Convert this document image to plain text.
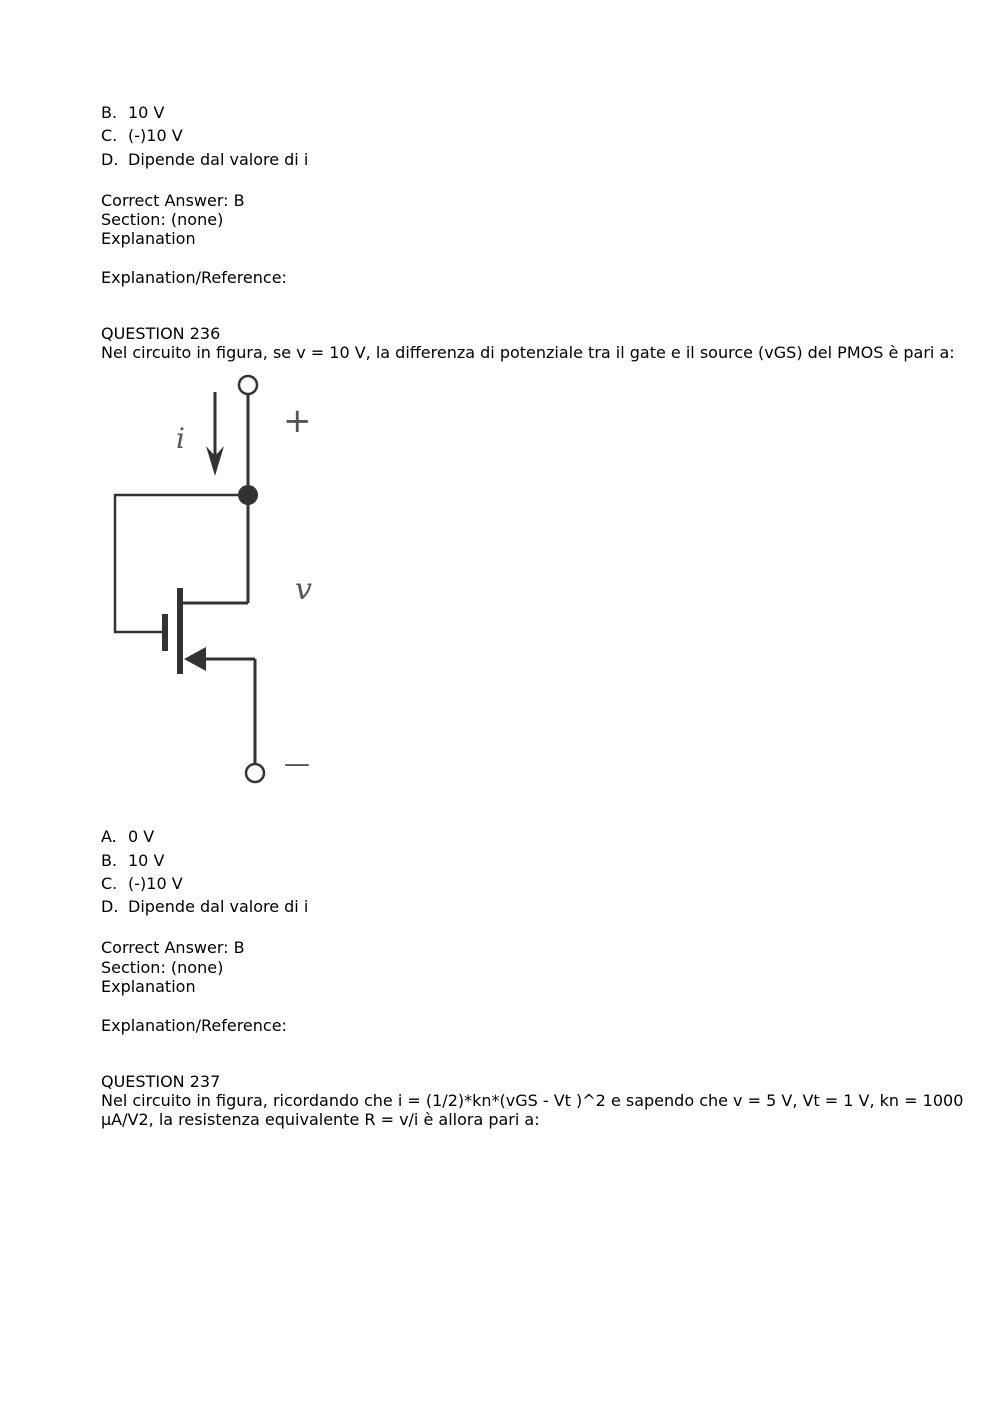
B. 10 V
C. (-)10 V
D. Dipende dal valore di i
Correct Answer: B
Section: (none)
Explanation
Explanation/Reference:
QUESTION 236
Nel circuito in figura, se v = 10 V, la differenza di potenziale tra il gate e il source (vGS) del PMOS è pari a:
i
v
+
—
A. 0 V
B. 10 V
C. (-)10 V
D. Dipende dal valore di i
Correct Answer: B
Section: (none)
Explanation
Explanation/Reference:
QUESTION 237
Nel circuito in figura, ricordando che i = (1/2)*kn*(vGS - Vt )^2 e sapendo che v = 5 V, Vt = 1 V, kn = 1000
μA/V2, la resistenza equivalente R = v/i è allora pari a:
